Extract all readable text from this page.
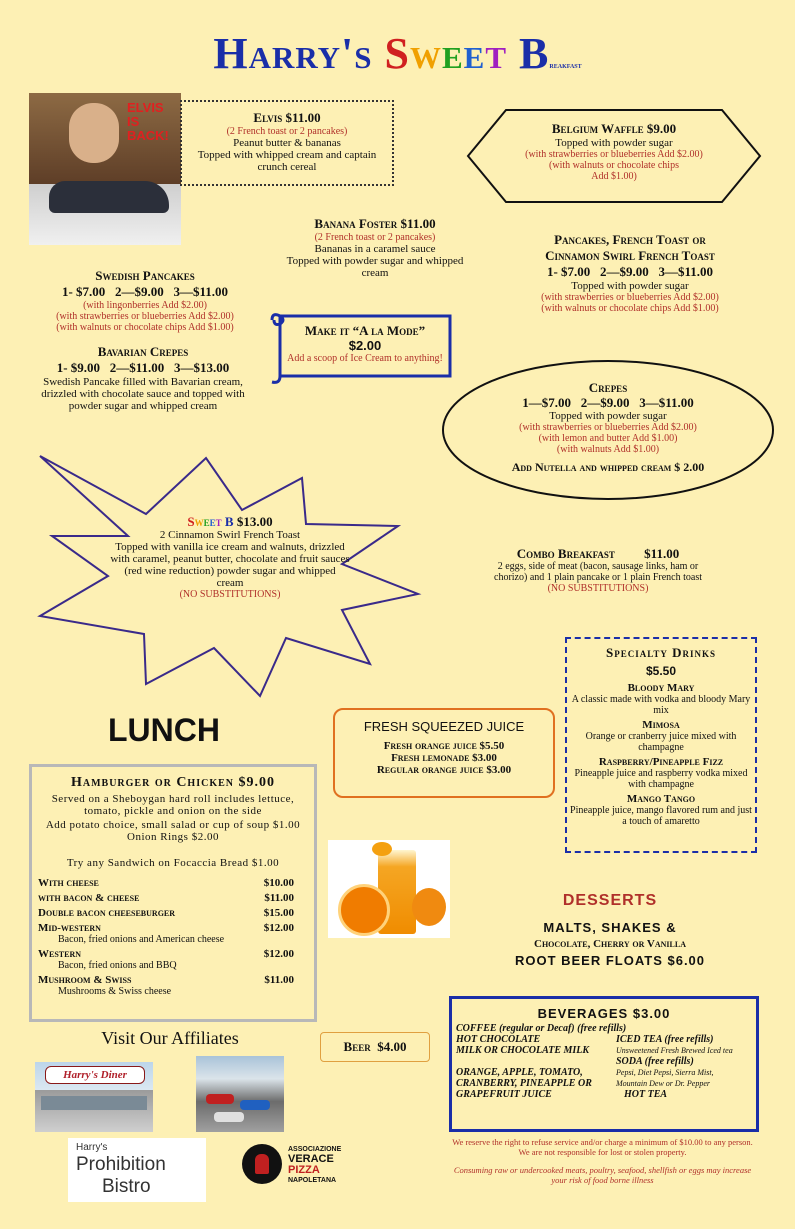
Harry's Sweet Breakfast
ELVIS IS BACK!
Elvis $11.00
(2 French toast or 2 pancakes)
Peanut butter & bananas
Topped with whipped cream and captain crunch cereal
Belgium Waffle $9.00
Topped with powder sugar
(with strawberries or blueberries Add $2.00)
(with walnuts or chocolate chips
Add $1.00)
Banana Foster $11.00
(2 French toast or 2 pancakes)
Bananas in a caramel sauce
Topped with powder sugar and whipped cream
Pancakes, French Toast or
Cinnamon Swirl French Toast
1- $7.00   2—$9.00   3—$11.00
Topped with powder sugar
(with strawberries or blueberries Add $2.00)
(with walnuts or chocolate chips Add $1.00)
Swedish Pancakes
1- $7.00   2—$9.00   3—$11.00
(with lingonberries Add $2.00)
(with strawberries or blueberries Add $2.00)
(with walnuts or chocolate chips Add $1.00)	Make it “A la Mode”
$2.00
Add a scoop of Ice Cream to anything!
Bavarian Crepes
1- $9.00   2—$11.00   3—$13.00
Swedish Pancake filled with Bavarian cream, drizzled with chocolate sauce and topped with powder sugar and whipped cream
Crepes
1—$7.00   2—$9.00   3—$11.00
Topped with powder sugar
(with strawberries or blueberries Add $2.00)
(with lemon and butter Add $1.00)
(with walnuts Add $1.00)
Add Nutella and whipped cream $ 2.00
Sweet B $13.00
2 Cinnamon Swirl French Toast
Topped with vanilla ice cream and walnuts, drizzled with caramel, peanut butter, chocolate and fruit sauces (red wine reduction) powder sugar and whipped cream
(NO SUBSTITUTIONS)
Combo Breakfast $11.00
2 eggs, side of meat (bacon, sausage links, ham or chorizo) and 1 plain pancake or 1 plain French toast
(NO SUBSTITUTIONS)
Specialty Drinks
$5.50
Bloody Mary
A classic made with vodka and bloody Mary mix
Mimosa
Orange or cranberry juice mixed with champagne
Raspberry/Pineapple Fizz
Pineapple juice and raspberry vodka mixed with champagne
Mango Tango
Pineapple juice, mango flavored rum and just a touch of amaretto
LUNCH	FRESH SQUEEZED JUICE
Fresh orange juice $5.50
Fresh lemonade $3.00
Regular orange juice $3.00
Hamburger or Chicken $9.00
Served on a Sheboygan hard roll includes lettuce, tomato, pickle and onion on the side
Add potato choice, small salad or cup of soup $1.00
Onion Rings $2.00
Try any Sandwich on Focaccia Bread $1.00
With cheese	$10.00
with bacon & cheese	$11.00
Double bacon cheeseburger	$15.00
Mid-western	$12.00
Bacon, fried onions and American cheese
Western	$12.00
Bacon, fried onions and BBQ
Mushroom & Swiss	$11.00
Mushrooms & Swiss cheese
DESSERTS
MALTS, SHAKES &
Chocolate, Cherry or Vanilla
ROOT BEER FLOATS $6.00
Visit Our Affiliates	Beer  $4.00
BEVERAGES $3.00
COFFEE (regular or Decaf) (free refills)
HOT CHOCOLATE	ICED TEA (free refills)
MILK OR CHOCOLATE MILK	Unsweetened Fresh Brewed Iced tea
SODA (free refills)
ORANGE, APPLE, TOMATO,	Pepsi, Diet Pepsi, Sierra Mist,
CRANBERRY, PINEAPPLE OR	Mountain Dew or Dr. Pepper
GRAPEFRUIT JUICE	HOT TEA
We reserve the right to refuse service and/or charge a minimum of $10.00 to any person. We are not responsible for lost or stolen property.
Consuming raw or undercooked meats, poultry, seafood, shellfish or eggs may increase your risk of food borne illness
Harry's Diner
Harry's
Prohibition
Bistro
ASSOCIAZIONE
VERACE
PIZZA
NAPOLETANA
